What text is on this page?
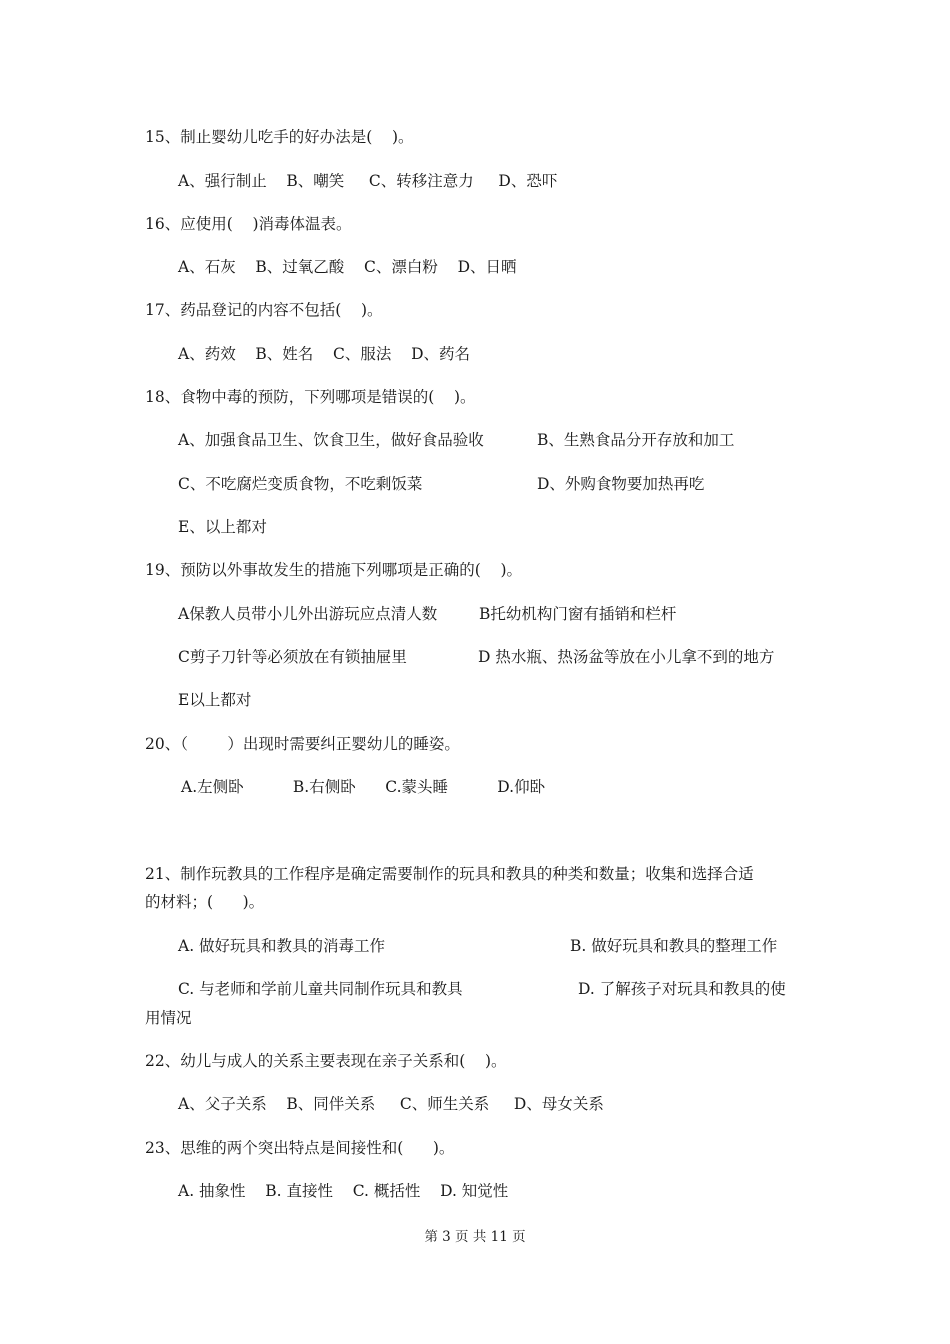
15、制止婴幼儿吃手的好办法是(    )。
A、强行制止    B、嘲笑     C、转移注意力     D、恐吓
16、应使用(    )消毒体温表。
A、石灰    B、过氧乙酸    C、漂白粉    D、日晒
17、药品登记的内容不包括(    )。
A、药效    B、姓名    C、服法    D、药名
18、食物中毒的预防，下列哪项是错误的(    )。
A、加强食品卫生、饮食卫生，做好食品验收	B、生熟食品分开存放和加工
C、不吃腐烂变质食物，不吃剩饭菜	D、外购食物要加热再吃
E、以上都对
19、预防以外事故发生的措施下列哪项是正确的(    )。
A保教人员带小儿外出游玩应点清人数	B托幼机构门窗有插销和栏杆
C剪子刀针等必须放在有锁抽屉里	D 热水瓶、热汤盆等放在小儿拿不到的地方
E以上都对
20、（        ）出现时需要纠正婴幼儿的睡姿。
A.左侧卧          B.右侧卧      C.蒙头睡          D.仰卧
21、制作玩教具的工作程序是确定需要制作的玩具和教具的种类和数量；收集和选择合适
的材料；(      )。
A. 做好玩具和教具的消毒工作	B. 做好玩具和教具的整理工作
C. 与老师和学前儿童共同制作玩具和教具	D. 了解孩子对玩具和教具的使
用情况
22、幼儿与成人的关系主要表现在亲子关系和(    )。
A、父子关系    B、同伴关系     C、师生关系     D、母女关系
23、思维的两个突出特点是间接性和(      )。
A. 抽象性    B. 直接性    C. 概括性    D. 知觉性
第 3 页 共 11 页
